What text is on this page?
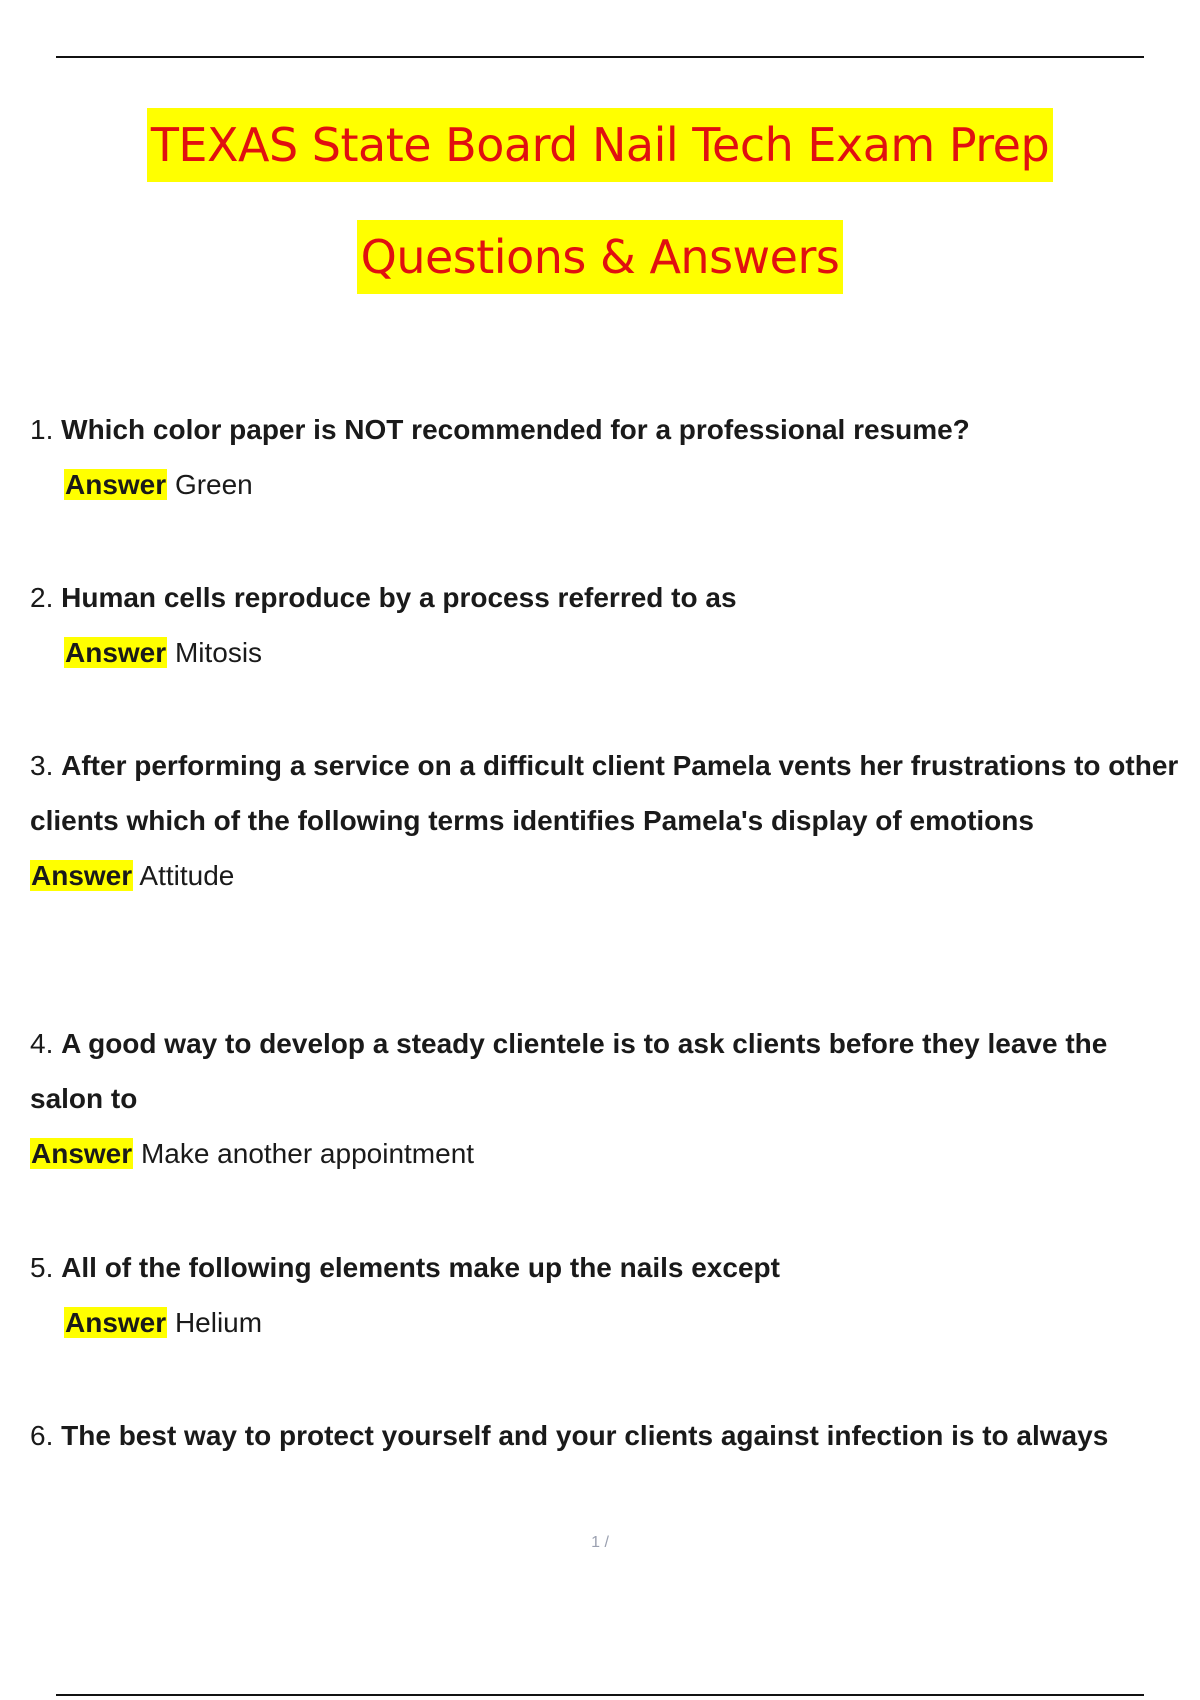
TEXAS State Board Nail Tech Exam Prep
Questions & Answers
1. Which color paper is NOT recommended for a professional resume?
Answer Green
2. Human cells reproduce by a process referred to as
Answer Mitosis
3. After performing a service on a difficult client Pamela vents her frustrations to other clients which of the following terms identifies Pamela's display of emotions
Answer Attitude
4. A good way to develop a steady clientele is to ask clients before they leave the salon to
Answer Make another appointment
5. All of the following elements make up the nails except
Answer Helium
6. The best way to protect yourself and your clients against infection is to always
1 /
